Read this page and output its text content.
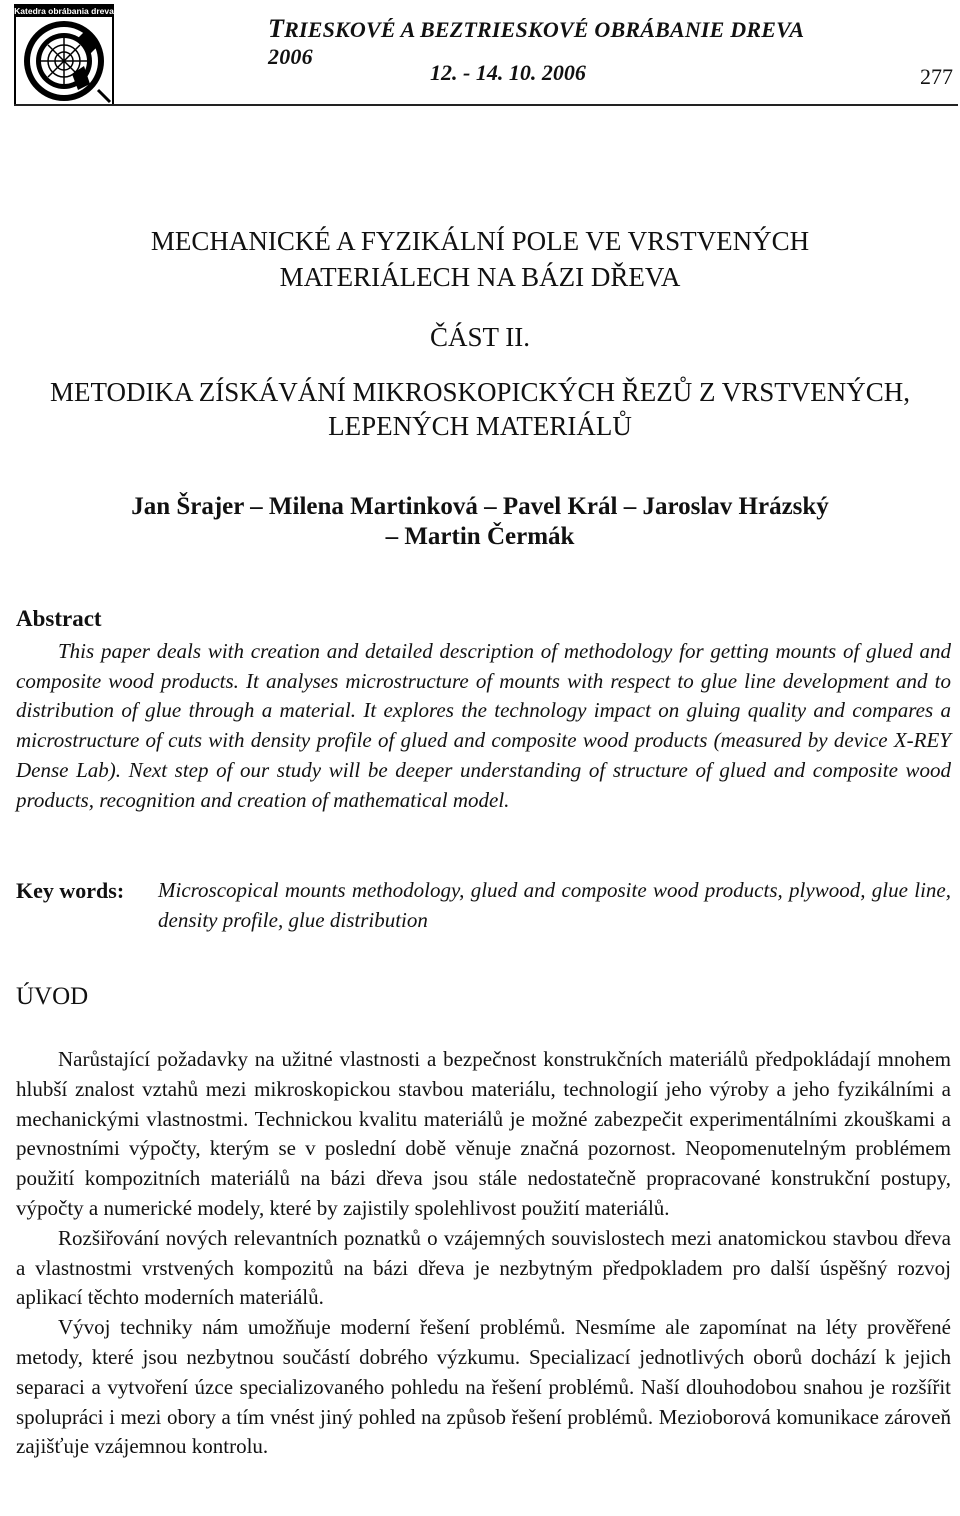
Katedra obrábania dreva
TRIESKOVÉ A BEZTRIESKOVÉ OBRÁBANIE DREVA 2006
12. - 14. 10. 2006	277
MECHANICKÉ A FYZIKÁLNÍ POLE VE VRSTVENÝCH
MATERIÁLECH NA BÁZI DŘEVA
ČÁST II.
METODIKA ZÍSKÁVÁNÍ MIKROSKOPICKÝCH ŘEZŮ Z VRSTVENÝCH,
LEPENÝCH MATERIÁLŮ
Jan Šrajer – Milena Martinková – Pavel Král – Jaroslav Hrázský
– Martin Čermák
Abstract
This paper deals with creation and detailed description of methodology for getting mounts of glued and composite wood products. It analyses microstructure of mounts with respect to glue line development and to distribution of glue through a material. It explores the technology impact on gluing quality and compares a microstructure of cuts with density profile of glued and composite wood products (measured by device X-REY Dense Lab). Next step of our study will be deeper understanding of structure of glued and composite wood products, recognition and creation of mathematical model.
Key words: Microscopical mounts methodology, glued and composite wood products, plywood, glue line, density profile, glue distribution
ÚVOD

Narůstající požadavky na užitné vlastnosti a bezpečnost konstrukčních materiálů předpokládají mnohem hlubší znalost vztahů mezi mikroskopickou stavbou materiálu, technologií jeho výroby a jeho fyzikálními a mechanickými vlastnostmi. Technickou kvalitu materiálů je možné zabezpečit experimentálními zkouškami a pevnostními výpočty, kterým se v poslední době věnuje značná pozornost. Neopomenutelným problémem použití kompozitních materiálů na bázi dřeva jsou stále nedostatečně propracované konstrukční postupy, výpočty a numerické modely, které by zajistily spolehlivost použití materiálů.

Rozšiřování nových relevantních poznatků o vzájemných souvislostech mezi anatomickou stavbou dřeva a vlastnostmi vrstvených kompozitů na bázi dřeva je nezbytným předpokladem pro další úspěšný rozvoj aplikací těchto moderních materiálů.

Vývoj techniky nám umožňuje moderní řešení problémů. Nesmíme ale zapomínat na léty prověřené metody, které jsou nezbytnou součástí dobrého výzkumu. Specializací jednotlivých oborů dochází k jejich separaci a vytvoření úzce specializovaného pohledu na řešení problémů. Naší dlouhodobou snahou je rozšířit spolupráci i mezi obory a tím vnést jiný pohled na způsob řešení problémů. Mezioborová komunikace zároveň zajišťuje vzájemnou kontrolu.
